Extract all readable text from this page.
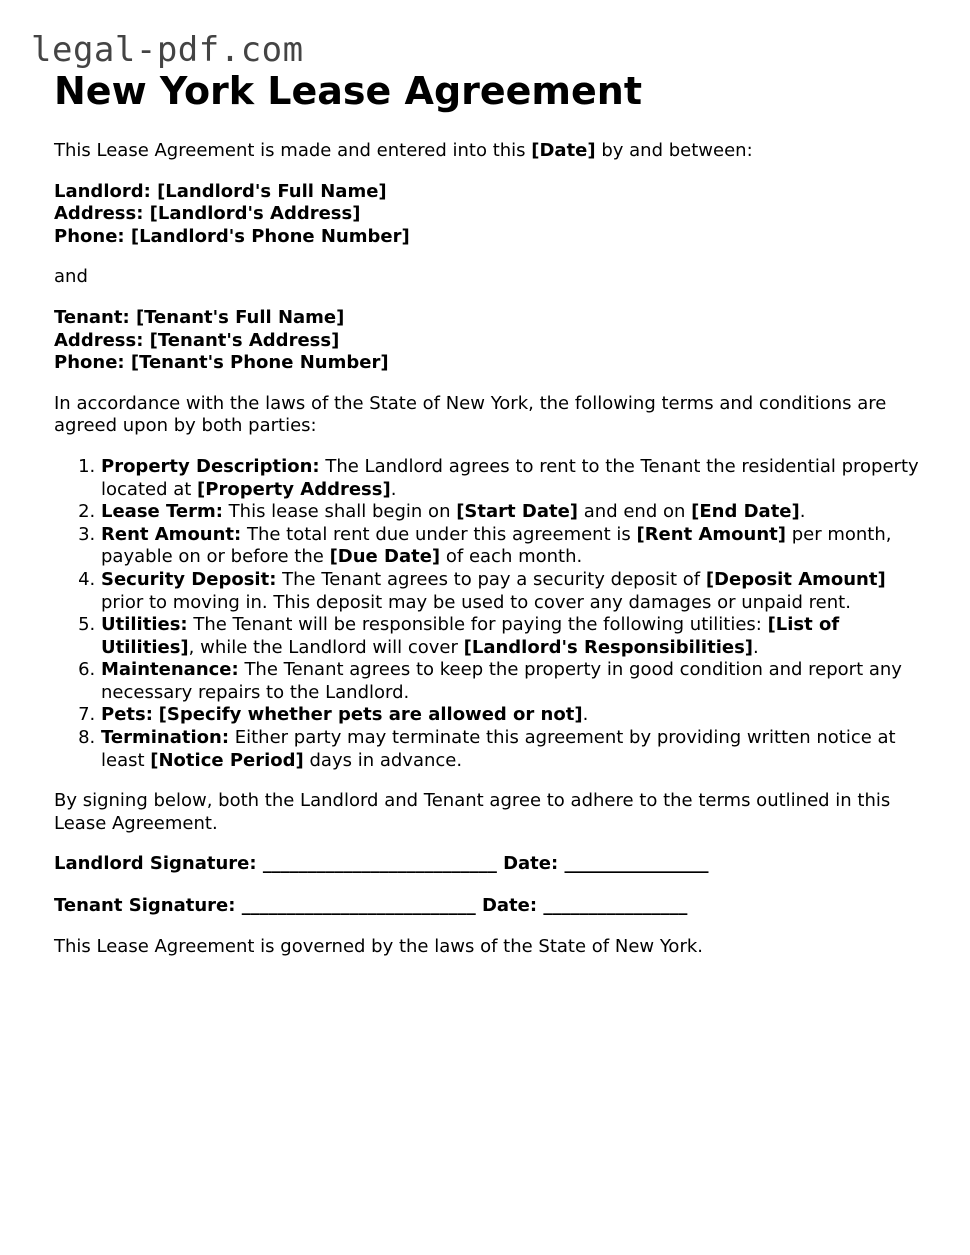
legal-pdf.com
New York Lease Agreement

This Lease Agreement is made and entered into this [Date] by and between:

Landlord: [Landlord's Full Name]
Address: [Landlord's Address]
Phone: [Landlord's Phone Number]

and

Tenant: [Tenant's Full Name]
Address: [Tenant's Address]
Phone: [Tenant's Phone Number]

In accordance with the laws of the State of New York, the following terms and conditions are agreed upon by both parties:

1. Property Description: The Landlord agrees to rent to the Tenant the residential property located at [Property Address].
2. Lease Term: This lease shall begin on [Start Date] and end on [End Date].
3. Rent Amount: The total rent due under this agreement is [Rent Amount] per month, payable on or before the [Due Date] of each month.
4. Security Deposit: The Tenant agrees to pay a security deposit of [Deposit Amount] prior to moving in. This deposit may be used to cover any damages or unpaid rent.
5. Utilities: The Tenant will be responsible for paying the following utilities: [List of Utilities], while the Landlord will cover [Landlord's Responsibilities].
6. Maintenance: The Tenant agrees to keep the property in good condition and report any necessary repairs to the Landlord.
7. Pets: [Specify whether pets are allowed or not].
8. Termination: Either party may terminate this agreement by providing written notice at least [Notice Period] days in advance.

By signing below, both the Landlord and Tenant agree to adhere to the terms outlined in this Lease Agreement.

Landlord Signature: __________________________ Date: ________________

Tenant Signature: __________________________ Date: ________________

This Lease Agreement is governed by the laws of the State of New York.
